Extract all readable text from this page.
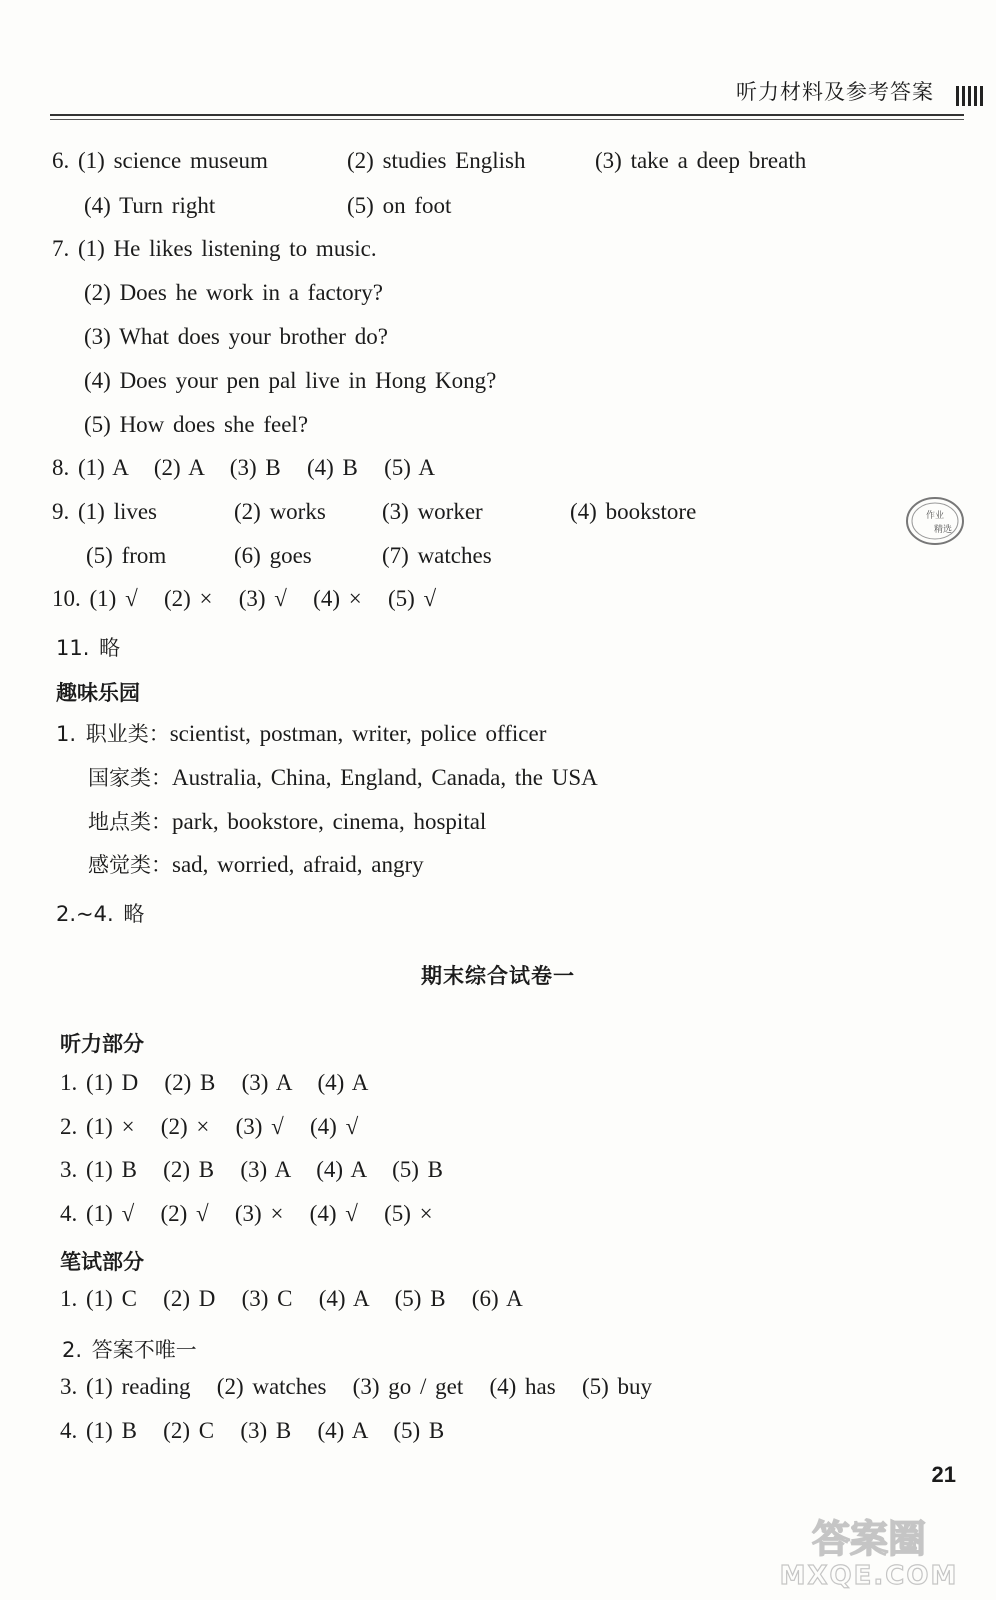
听力材料及参考答案
6. (1) science museum	(2) studies English	(3) take a deep breath
(4) Turn right	(5) on foot
7. (1) He likes listening to music.
(2) Does he work in a factory?
(3) What does your brother do?
(4) Does your pen pal live in Hong Kong?
(5) How does she feel?
8. (1) A   (2) A   (3) B   (4) B   (5) A
9. (1) lives	(2) works (3) worker	(4) bookstore
(5) from	(6) goes	(7) watches
10. (1) √   (2) ×   (3) √   (4) ×   (5) √
11. 略
趣味乐园
1. 职业类：scientist, postman, writer, police officer
国家类：Australia, China, England, Canada, the USA
地点类：park, bookstore, cinema, hospital
感觉类：sad, worried, afraid, angry
2.~4. 略
期末综合试卷一
听力部分
1. (1) D   (2) B   (3) A   (4) A
2. (1) ×   (2) ×   (3) √   (4) √
3. (1) B   (2) B   (3) A   (4) A   (5) B
4. (1) √   (2) √   (3) ×   (4) √   (5) ×
笔试部分
1. (1) C   (2) D   (3) C   (4) A   (5) B   (6) A
2. 答案不唯一
3. (1) reading   (2) watches   (3) go / get   (4) has   (5) buy
4. (1) B   (2) C   (3) B   (4) A   (5) B
21
作业
精选
答案圈
MXQE.COM
